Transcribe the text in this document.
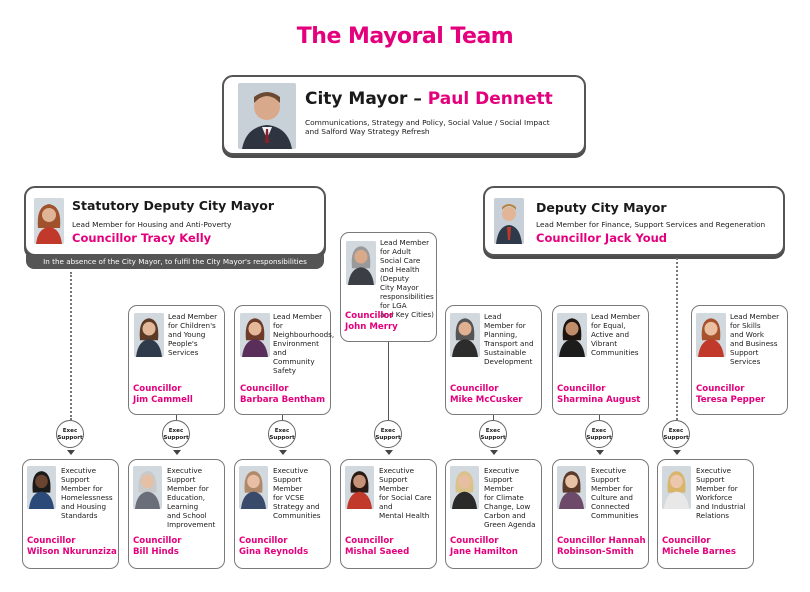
The Mayoral Team
City Mayor – Paul Dennett
Communications, Strategy and Policy, Social Value / Social Impact
and Salford Way Strategy Refresh
Statutory Deputy City Mayor
Lead Member for Housing and Anti-Poverty
Councillor Tracy Kelly
In the absence of the City Mayor, to fulfil the City Mayor's responsibilities
Deputy City Mayor
Lead Member for Finance, Support Services and Regeneration
Councillor Jack Youd
Lead Member
for Children's
and Young
People's
Services
Councillor
Jim Cammell
Lead Member
for Neighbourhoods,
Environment
and Community
Safety
Councillor
Barbara Bentham
Lead Member
for Adult
Social Care
and Health
(Deputy
City Mayor
responsibilities for LGA
and Key Cities)
Councillor
John Merry
Lead
Member for
Planning,
Transport and
Sustainable
Development
Councillor
Mike McCusker
Lead Member
for Equal,
Active and
Vibrant
Communities
Councillor
Sharmina August
Lead Member
for Skills
and Work
and Business
Support
Services
Councillor
Teresa Pepper
Executive
Support
Member for
Homelessness
and Housing
Standards
Councillor
Wilson Nkurunziza
Executive
Support
Member for
Education,
Learning
and School
Improvement
Councillor
Bill Hinds
Executive
Support
Member
for VCSE
Strategy and
Communities
Councillor
Gina Reynolds
Executive
Support Member
for Social Care and
Mental Health
Councillor
Mishal Saeed
Executive
Support
Member
for Climate
Change, Low
Carbon and
Green Agenda
Councillor
Jane Hamilton
Executive
Support
Member for
Culture and
Connected
Communities
Councillor Hannah
Robinson-Smith
Executive
Support
Member for
Workforce
and Industrial
Relations
Councillor
Michele Barnes
Exec
Support
Exec
Support
Exec
Support
Exec
Support
Exec
Support
Exec
Support
Exec
Support
